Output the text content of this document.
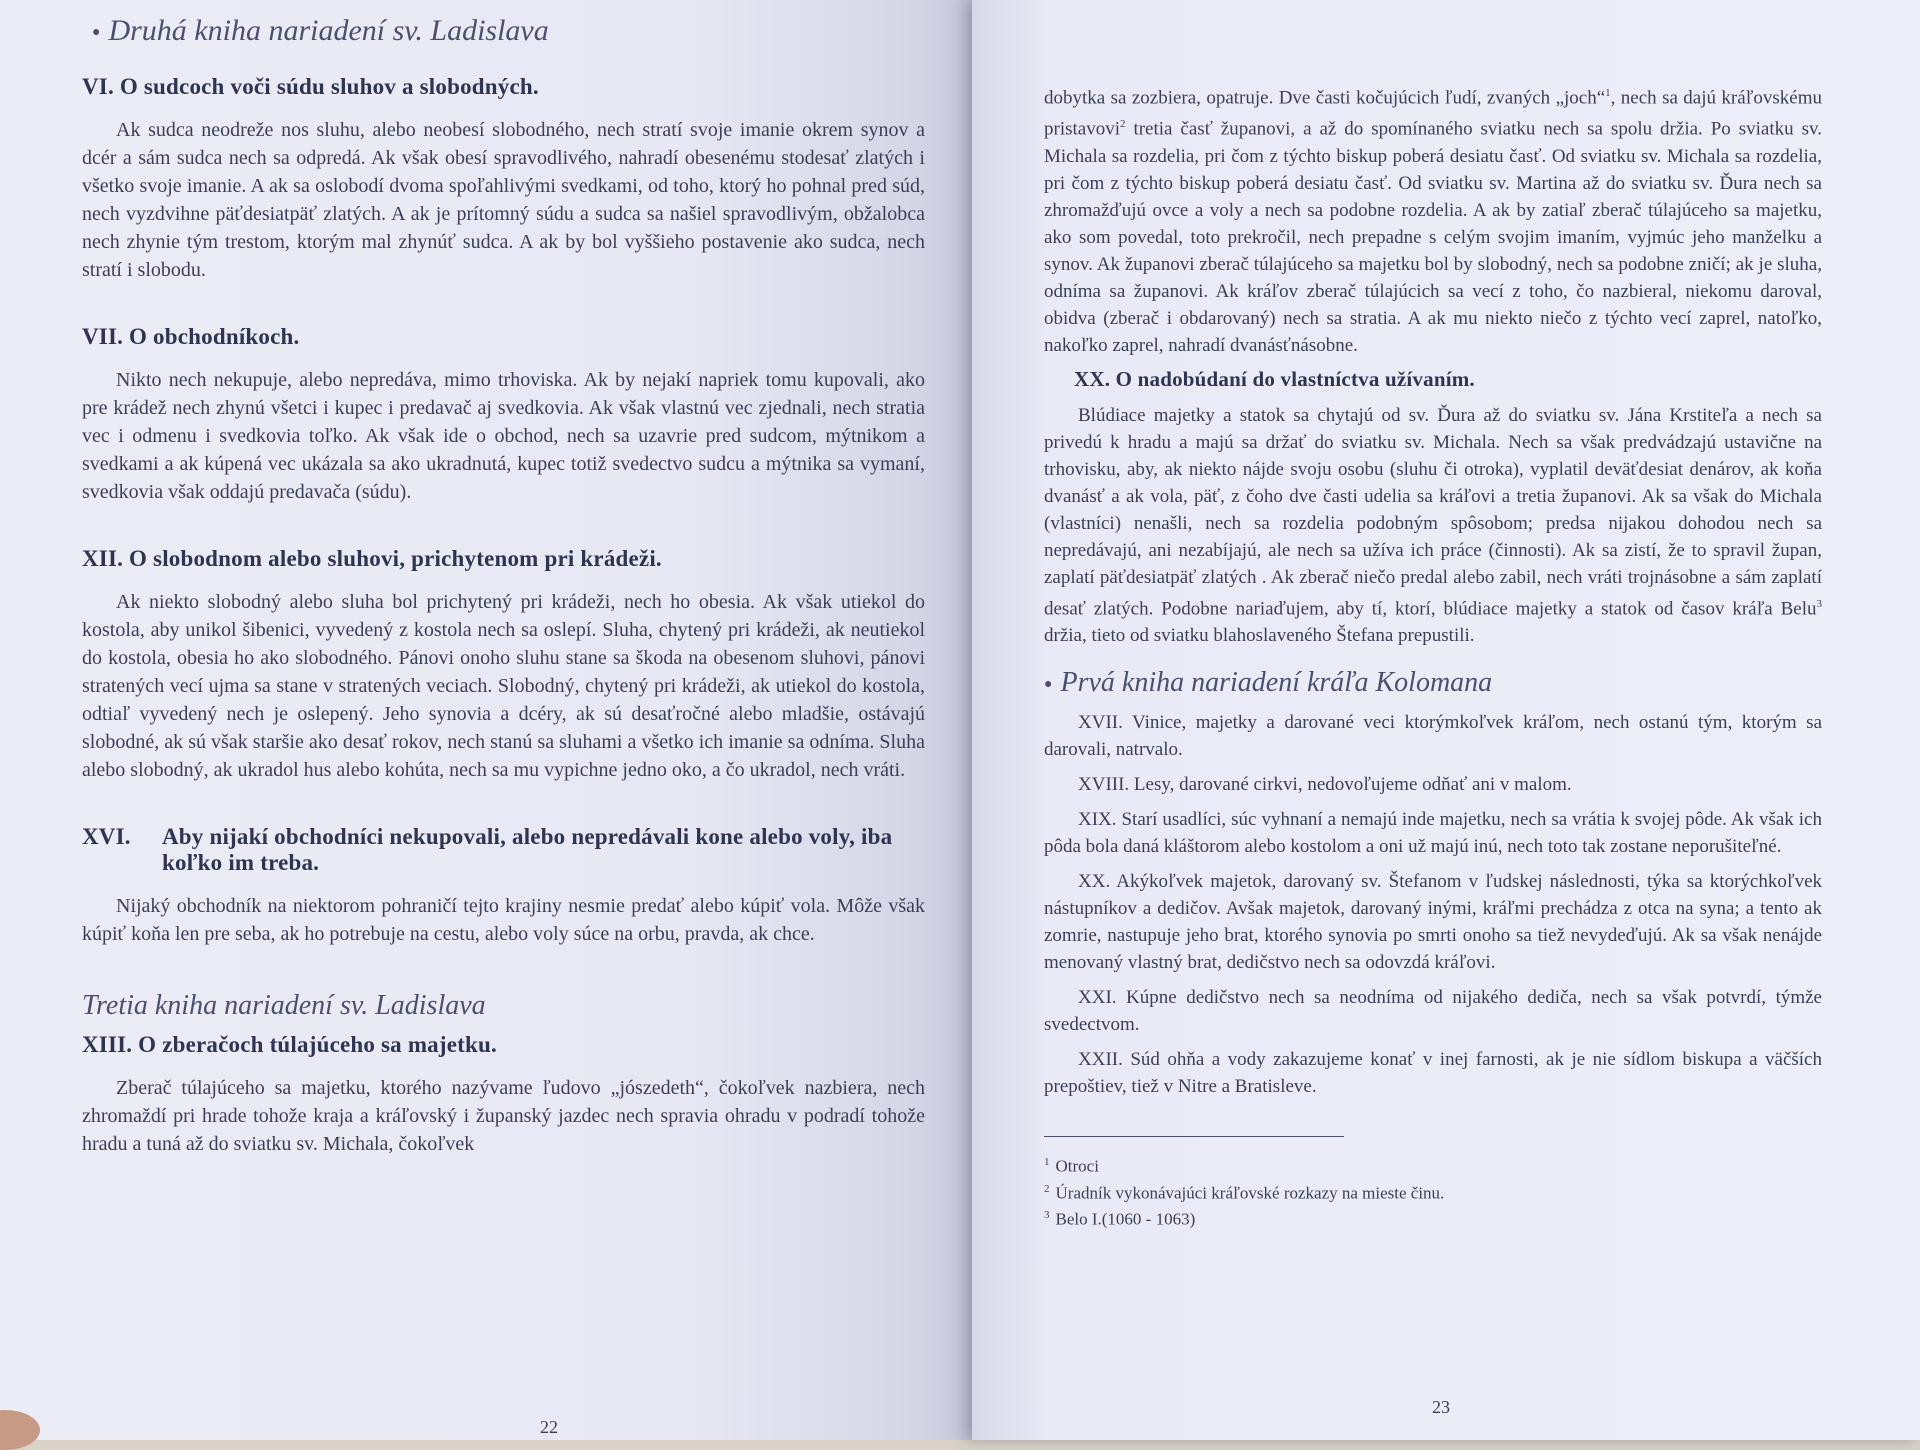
● Druhá kniha nariadení sv. Ladislava
VI. O sudcoch voči súdu sluhov a slobodných.

Ak sudca neodreže nos sluhu, alebo neobesí slobodného, nech stratí svoje imanie okrem synov a dcér a sám sudca nech sa odpredá. Ak však obesí spravodlivého, nahradí obesenému stodesať zlatých i všetko svoje imanie. A ak sa oslobodí dvoma spoľahlivými svedkami, od toho, ktorý ho pohnal pred súd, nech vyzdvihne päťdesiatpäť zlatých. A ak je prítomný súdu a sudca sa našiel spravodlivým, obžalobca nech zhynie tým trestom, ktorým mal zhynúť sudca. A ak by bol vyššieho postavenie ako sudca, nech stratí i slobodu.

VII. O obchodníkoch.

Nikto nech nekupuje, alebo nepredáva, mimo trhoviska. Ak by nejakí napriek tomu kupovali, ako pre krádež nech zhynú všetci i kupec i predavač aj svedkovia. Ak však vlastnú vec zjednali, nech stratia vec i odmenu i svedkovia toľko. Ak však ide o obchod, nech sa uzavrie pred sudcom, mýtnikom a svedkami a ak kúpená vec ukázala sa ako ukradnutá, kupec totiž svedectvo sudcu a mýtnika sa vymaní, svedkovia však oddajú predavača (súdu).

XII. O slobodnom alebo sluhovi, prichytenom pri krádeži.

Ak niekto slobodný alebo sluha bol prichytený pri krádeži, nech ho obesia. Ak však utiekol do kostola, aby unikol šibenici, vyvedený z kostola nech sa oslepí. Sluha, chytený pri krádeži, ak neutiekol do kostola, obesia ho ako slobodného. Pánovi onoho sluhu stane sa škoda na obesenom sluhovi, pánovi stratených vecí ujma sa stane v stratených veciach. Slobodný, chytený pri krádeži, ak utiekol do kostola, odtiaľ vyvedený nech je oslepený. Jeho synovia a dcéry, ak sú desaťročné alebo mladšie, ostávajú slobodné, ak sú však staršie ako desať rokov, nech stanú sa sluhami a všetko ich imanie sa odníma. Sluha alebo slobodný, ak ukradol hus alebo kohúta, nech sa mu vypichne jedno oko, a čo ukradol, nech vráti.

XVI.	Aby nijakí obchodníci nekupovali, alebo nepredávali kone alebo voly, iba koľko im treba.

Nijaký obchodník na niektorom pohraničí tejto krajiny nesmie predať alebo kúpiť vola. Môže však kúpiť koňa len pre seba, ak ho potrebuje na cestu, alebo voly súce na orbu, pravda, ak chce.

Tretia kniha nariadení sv. Ladislava
XIII. O zberačoch túlajúceho sa majetku.

Zberač túlajúceho sa majetku, ktorého nazývame ľudovo „jószedeth“, čokoľvek nazbiera, nech zhromaždí pri hrade tohože kraja a kráľovský i županský jazdec nech spravia ohradu v podradí tohože hradu a tuná až do sviatku sv. Michala, čokoľvek

22

dobytka sa zozbiera, opatruje. Dve časti kočujúcich ľudí, zvaných „joch“$^1$, nech sa dajú kráľovskému pristavovi$^2$ tretia časť županovi, a až do spomínaného sviatku nech sa spolu držia. Po sviatku sv. Michala sa rozdelia, pri čom z týchto biskup poberá desiatu časť. Od sviatku sv. Michala sa rozdelia, pri čom z týchto biskup poberá desiatu časť. Od sviatku sv. Martina až do sviatku sv. Ďura nech sa zhromažďujú ovce a voly a nech sa podobne rozdelia. A ak by zatiaľ zberač túlajúceho sa majetku, ako som povedal, toto prekročil, nech prepadne s celým svojim imaním, vyjmúc jeho manželku a synov. Ak županovi zberač túlajúceho sa majetku bol by slobodný, nech sa podobne zničí; ak je sluha, odníma sa županovi. Ak kráľov zberač túlajúcich sa vecí z toho, čo nazbieral, niekomu daroval, obidva (zberač i obdarovaný) nech sa stratia. A ak mu niekto niečo z týchto vecí zaprel, natoľko, nakoľko zaprel, nahradí dvanásťnásobne.

XX. O nadobúdaní do vlastníctva užívaním.

Blúdiace majetky a statok sa chytajú od sv. Ďura až do sviatku sv. Jána Krstiteľa a nech sa privedú k hradu a majú sa držať do sviatku sv. Michala. Nech sa však predvádzajú ustavične na trhovisku, aby, ak niekto nájde svoju osobu (sluhu či otroka), vyplatil deväťdesiat denárov, ak koňa dvanásť a ak vola, päť, z čoho dve časti udelia sa kráľovi a tretia županovi. Ak sa však do Michala (vlastníci) nenašli, nech sa rozdelia podobným spôsobom; predsa nijakou dohodou nech sa nepredávajú, ani nezabíjajú, ale nech sa užíva ich práce (činnosti). Ak sa zistí, že to spravil župan, zaplatí päťdesiatpäť zlatých . Ak zberač niečo predal alebo zabil, nech vráti trojnásobne a sám zaplatí desať zlatých. Podobne nariaďujem, aby tí, ktorí, blúdiace majetky a statok od časov kráľa Belu$^3$ držia, tieto od sviatku blahoslaveného Štefana prepustili.

● Prvá kniha nariadení kráľa Kolomana

XVII. Vinice, majetky a darované veci ktorýmkoľvek kráľom, nech ostanú tým, ktorým sa darovali, natrvalo.

XVIII. Lesy, darované cirkvi, nedovoľujeme odňať ani v malom.

XIX. Starí usadlíci, súc vyhnaní a nemajú inde majetku, nech sa vrátia k svojej pôde. Ak však ich pôda bola daná kláštorom alebo kostolom a oni už majú inú, nech toto tak zostane neporušiteľné.

XX. Akýkoľvek majetok, darovaný sv. Štefanom v ľudskej následnosti, týka sa ktorýchkoľvek nástupníkov a dedičov. Avšak majetok, darovaný inými, kráľmi prechádza z otca na syna; a tento ak zomrie, nastupuje jeho brat, ktorého synovia po smrti onoho sa tiež nevydeďujú. Ak sa však nenájde menovaný vlastný brat, dedičstvo nech sa odovzdá kráľovi.

XXI. Kúpne dedičstvo nech sa neodníma od nijakého dediča, nech sa však potvrdí, týmže svedectvom.

XXII. Súd ohňa a vody zakazujeme konať v inej farnosti, ak je nie sídlom biskupa a väčších prepoštiev, tiež v Nitre a Bratisleve.

$^1$ Otroci
$^2$ Úradník vykonávajúci kráľovské rozkazy na mieste činu.
$^3$ Belo I.(1060 - 1063)
23
